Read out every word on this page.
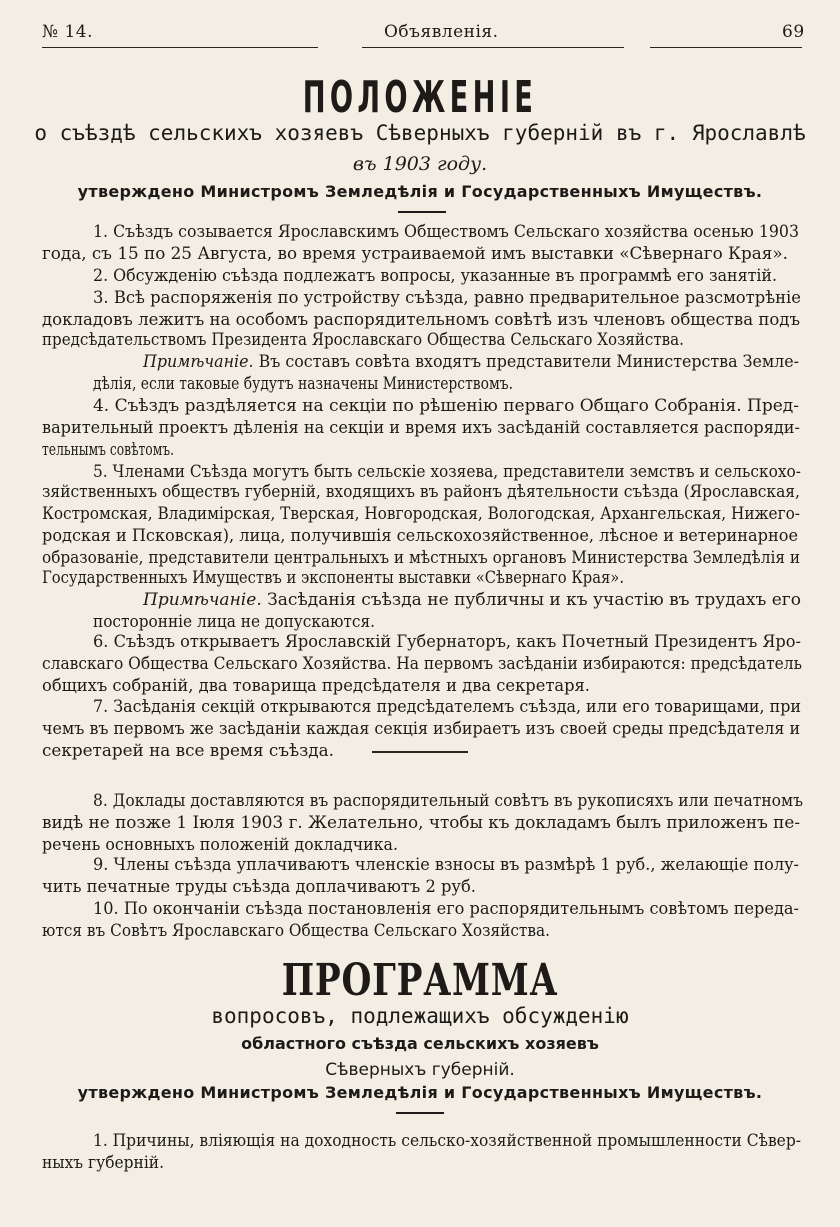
№ 14.	Объявленія.	69
ПОЛОЖЕНІЕ
о съѣздѣ сельскихъ хозяевъ Сѣверныхъ губерній въ г. Ярославлѣ
въ 1903 году.
утверждено Министромъ Земледѣлія и Государственныхъ Имуществъ.
1. Съѣздъ созывается Ярославскимъ Обществомъ Сельскаго хозяйства осенью 1903
года, съ 15 по 25 Августа, во время устраиваемой имъ выставки «Сѣвернаго Края».
2. Обсужденію съѣзда подлежатъ вопросы, указанные въ программѣ его занятій.
3. Всѣ распоряженія по устройству съѣзда, равно предварительное разсмотрѣніе
докладовъ лежитъ на особомъ распорядительномъ совѣтѣ изъ членовъ общества подъ
предсѣдательствомъ Президента Ярославскаго Общества Сельскаго Хозяйства.
Примѣчаніе. Въ составъ совѣта входятъ представители Министерства Земле-
дѣлія, если таковые будутъ назначены Министерствомъ.
4. Съѣздъ раздѣляется на секціи по рѣшенію перваго Общаго Собранія. Пред-
варительный проектъ дѣленія на секціи и время ихъ засѣданій составляется распоряди-
тельнымъ совѣтомъ.
5. Членами Съѣзда могутъ быть сельскіе хозяева, представители земствъ и сельскохо-
зяйственныхъ обществъ губерній, входящихъ въ районъ дѣятельности съѣзда (Ярославская,
Костромская, Владимірская, Тверская, Новгородская, Вологодская, Архангельская, Нижего-
родская и Псковская), лица, получившія сельскохозяйственное, лѣсное и ветеринарное
образованіе, представители центральныхъ и мѣстныхъ органовъ Министерства Земледѣлія и
Государственныхъ Имуществъ и экспоненты выставки «Сѣвернаго Края».
Примѣчаніе. Засѣданія съѣзда не публичны и къ участію въ трудахъ его
посторонніе лица не допускаются.
6. Съѣздъ открываетъ Ярославскій Губернаторъ, какъ Почетный Президентъ Яро-
славскаго Общества Сельскаго Хозяйства. На первомъ засѣданіи избираются: предсѣдатель
общихъ собраній, два товарища предсѣдателя и два секретаря.
7. Засѣданія секцій открываются предсѣдателемъ съѣзда, или его товарищами, при
чемъ въ первомъ же засѣданіи каждая секція избираетъ изъ своей среды предсѣдателя и
секретарей на все время съѣзда.
8. Доклады доставляются въ распорядительный совѣтъ въ рукописяхъ или печатномъ
видѣ не позже 1 Іюля 1903 г. Желательно, чтобы къ докладамъ былъ приложенъ пе-
речень основныхъ положеній докладчика.
9. Члены съѣзда уплачиваютъ членскіе взносы въ размѣрѣ 1 руб., желающіе полу-
чить печатные труды съѣзда доплачиваютъ 2 руб.
10. По окончаніи съѣзда постановленія его распорядительнымъ совѣтомъ переда-
ются въ Совѣтъ Ярославскаго Общества Сельскаго Хозяйства.
ПРОГРАММА
вопросовъ, подлежащихъ обсужденію
областного съѣзда сельскихъ хозяевъ
Сѣверныхъ губерній.
утверждено Министромъ Земледѣлія и Государственныхъ Имуществъ.
1. Причины, вліяющія на доходность сельско-хозяйственной промышленности Сѣвер-
ныхъ губерній.
